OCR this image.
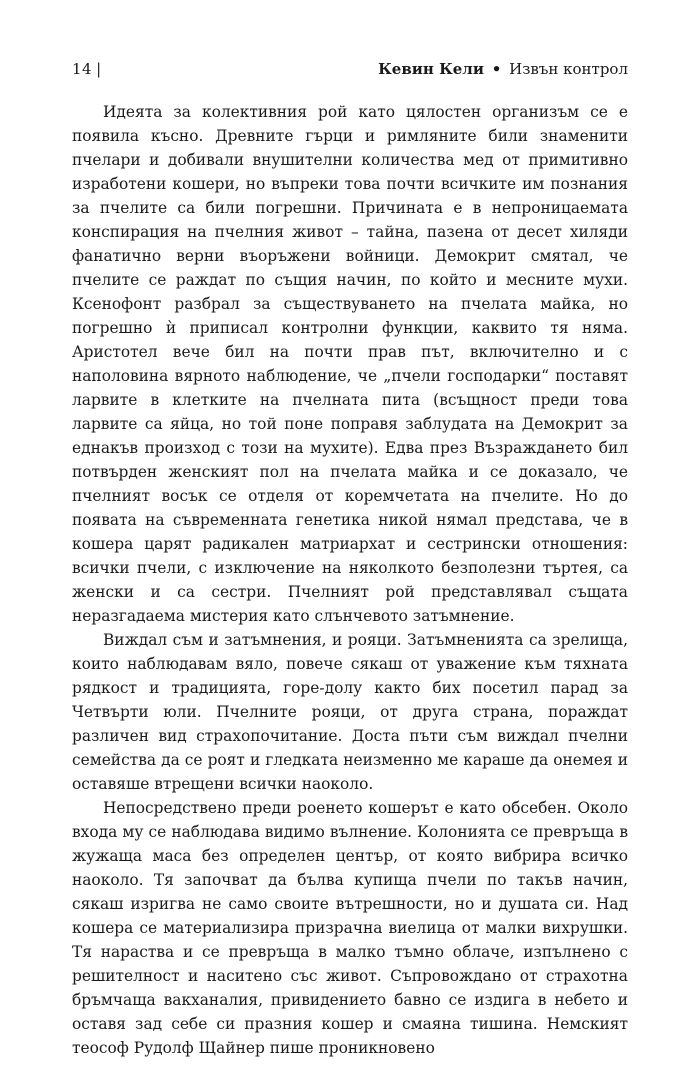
14 |	Кевин Кели • Извън контрол

Идеята за колективния рой като цялостен организъм се е появила късно. Древните гърци и римляните били знаменити пчелари и добивали внушителни количества мед от примитивно изработени кошери, но въпреки това почти всичките им познания за пчелите са били погрешни. Причината е в непроницаемата конспирация на пчелния живот – тайна, пазена от десет хиляди фанатично верни въоръжени войници. Демокрит смятал, че пчелите се раждат по същия начин, по който и месните мухи. Ксенофонт разбрал за съществуването на пчелата майка, но погрешно ѝ приписал контролни функции, каквито тя няма. Аристотел вече бил на почти прав път, включително и с наполовина вярното наблюдение, че „пчели господарки“ поставят ларвите в клетките на пчелната пита (всъщност преди това ларвите са яйца, но той поне поправя заблудата на Демокрит за еднакъв произход с този на мухите). Едва през Възраждането бил потвърден женският пол на пчелата майка и се доказало, че пчелният восък се отделя от коремчетата на пчелите. Но до появата на съвременната генетика никой нямал представа, че в кошера царят радикален матриархат и сестрински отношения: всички пчели, с изключение на няколкото безполезни търтея, са женски и са сестри. Пчелният рой представлявал същата неразгадаема мистерия като слънчевото затъмнение.

Виждал съм и затъмнения, и рояци. Затъмненията са зрелища, които наблюдавам вяло, повече сякаш от уважение към тяхната рядкост и традицията, горе-долу както бих посетил парад за Четвърти юли. Пчелните рояци, от друга страна, пораждат различен вид страхопочитание. Доста пъти съм виждал пчелни семейства да се роят и гледката неизменно ме караше да онемея и оставяше втрещени всички наоколо.

Непосредствено преди роенето кошерът е като обсебен. Около входа му се наблюдава видимо вълнение. Колонията се превръща в жужаща маса без определен център, от която вибрира всичко наоколо. Тя започват да бълва купища пчели по такъв начин, сякаш изригва не само своите вътрешности, но и душата си. Над кошера се материализира призрачна виелица от малки вихрушки. Тя нараства и се превръща в малко тъмно облаче, изпълнено с решителност и наситено със живот. Съпровождано от страхотна бръмчаща вакханалия, привидението бавно се издига в небето и оставя зад себе си празния кошер и смаяна тишина. Немският теософ Рудолф Щайнер пише проникновено
